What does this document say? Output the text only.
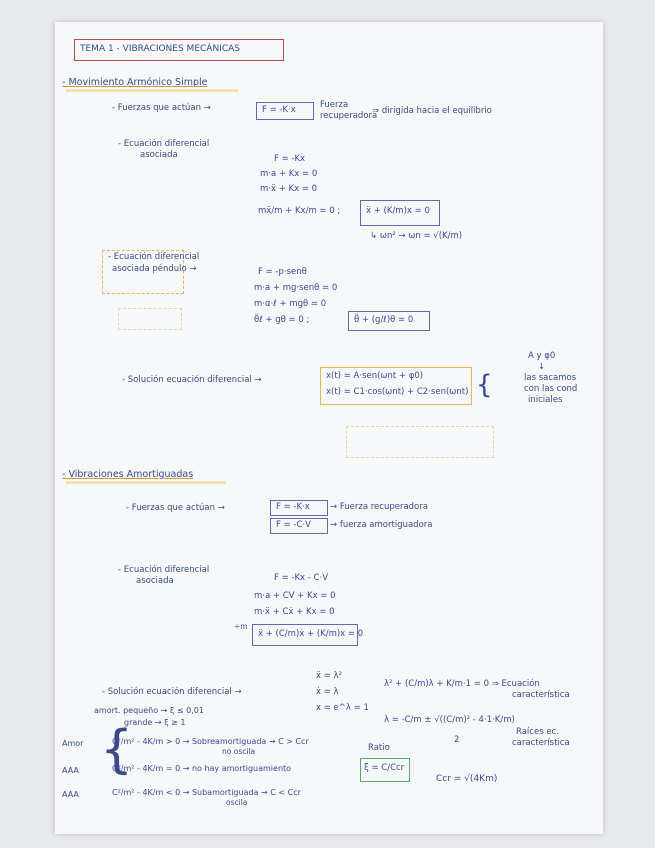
TEMA 1 - VIBRACIONES MECÁNICAS
- Movimiento Armónico Simple
- Fuerzas que actúan →	F = -K·x	Fuerza
recuperadora
⇒ dirigida hacia el equilibrio
- Ecuación diferencial
asociada	F = -Kx
m·a + Kx = 0
m·ẍ + Kx = 0
mẍ/m + Kx/m = 0 ;	ẍ + (K/m)x = 0
↳ ωn² → ωn = √(K/m)
- Ecuación diferencial
asociada péndulo →	F = -p·senθ
m·a + mg·senθ = 0
m·α·ℓ + mgθ = 0
θ̈ℓ + gθ = 0 ;	θ̈ + (g/ℓ)θ = 0
- Solución ecuación diferencial →	x(t) = A·sen(ωnt + φ0)
x(t) = C1·cos(ωnt) + C2·sen(ωnt) {
A y φ0
↓
las sacamos
con las cond
iniciales
- Vibraciones Amortiguadas
- Fuerzas que actúan →	F = -K·x → Fuerza recuperadora
F = -C·V → fuerza amortiguadora
- Ecuación diferencial
asociada	F = -Kx - C·V
m·a + CV + Kx = 0
m·ẍ + Cẋ + Kx = 0
÷m
ẍ + (C/m)ẋ + (K/m)x = 0
- Solución ecuación diferencial →
ẍ = λ²
ẋ = λ
x = e^λ = 1
λ² + (C/m)λ + K/m·1 = 0 ⇒ Ecuación
característica
λ = -C/m ± √((C/m)² - 4·1·K/m)
2
Raíces ec.
característica
amort. pequeño → ξ ≤ 0,01
grande → ξ ≥ 1
{
Amor	C²/m² - 4K/m > 0 → Sobreamortiguada → C > Ccr
no oscila
AAA	C²/m² - 4K/m = 0 → no hay amortiguamiento
AAA	C²/m² - 4K/m < 0 → Subamortiguada → C < Ccr
oscila
Ratio
ξ = C/Ccr
Ccr = √(4Km)
